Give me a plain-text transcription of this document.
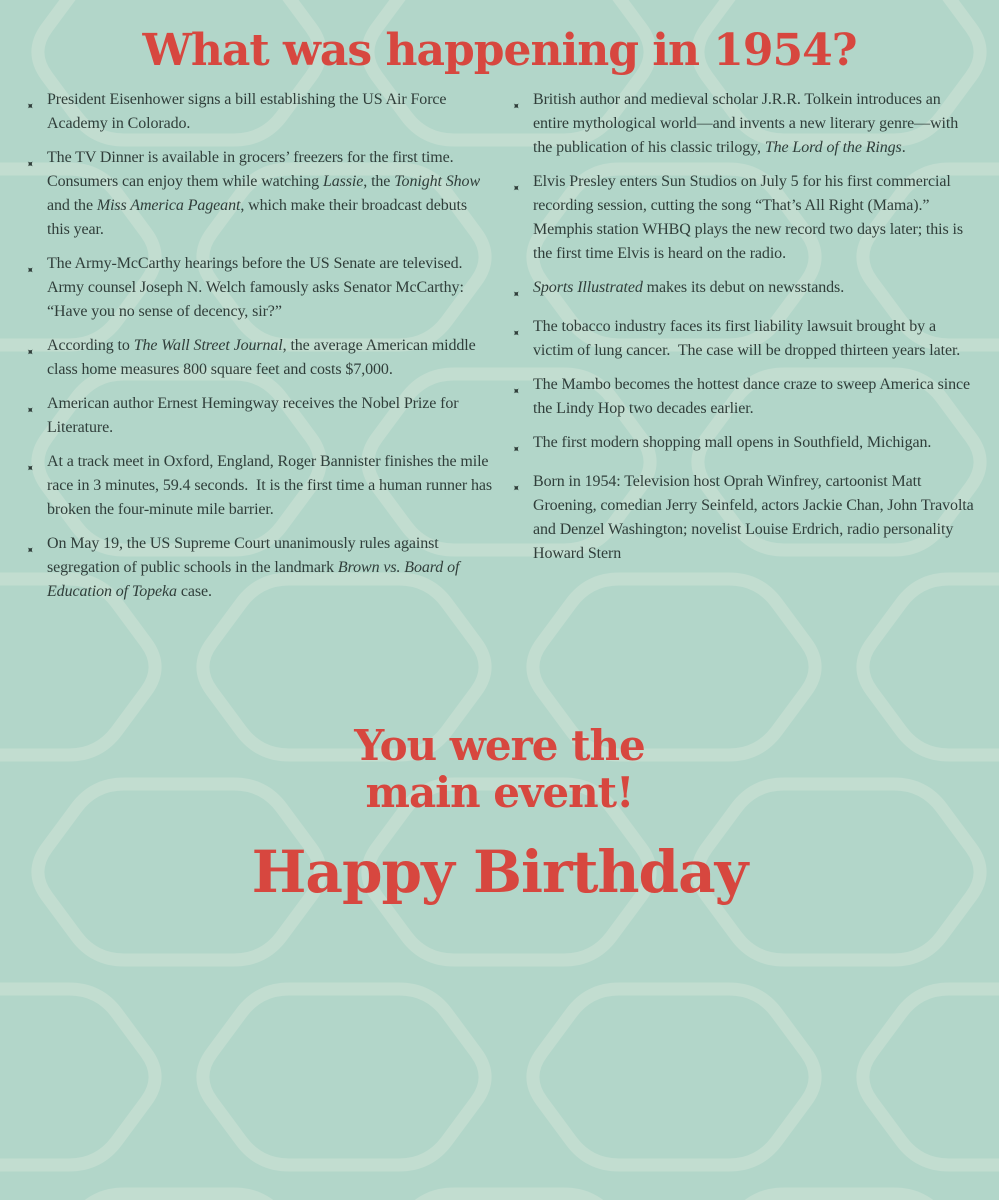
What was happening in 1954?
✦ President Eisenhower signs a bill establishing the US Air Force Academy in Colorado.
✦ The TV Dinner is available in grocers’ freezers for the first time. Consumers can enjoy them while watching Lassie, the Tonight Show and the Miss America Pageant, which make their broadcast debuts this year.
✦ The Army-McCarthy hearings before the US Senate are televised.  Army counsel Joseph N. Welch famously asks Senator McCarthy: “Have you no sense of decency, sir?”
✦ According to The Wall Street Journal, the average American middle class home measures 800 square feet and costs $7,000.
✦ American author Ernest Hemingway receives the Nobel Prize for Literature.
✦ At a track meet in Oxford, England, Roger Bannister finishes the mile race in 3 minutes, 59.4 seconds.  It is the first time a human runner has broken the four-minute mile barrier.
✦ On May 19, the US Supreme Court unanimously rules against segregation of public schools in the landmark Brown vs. Board of Education of Topeka case.
✦ British author and medieval scholar J.R.R. Tolkein introduces an entire mythological world—and invents a new literary genre—with the publication of his classic trilogy, The Lord of the Rings.
✦ Elvis Presley enters Sun Studios on July 5 for his first commercial recording session, cutting the song “That’s All Right (Mama).” Memphis station WHBQ plays the new record two days later; this is the first time Elvis is heard on the radio.
✦ Sports Illustrated makes its debut on newsstands.
✦ The tobacco industry faces its first liability lawsuit brought by a victim of lung cancer.  The case will be dropped thirteen years later.
✦ The Mambo becomes the hottest dance craze to sweep America since the Lindy Hop two decades earlier.
✦ The first modern shopping mall opens in Southfield, Michigan.
✦ Born in 1954: Television host Oprah Winfrey, cartoonist Matt Groening, comedian Jerry Seinfeld, actors Jackie Chan, John Travolta and Denzel Washington; novelist Louise Erdrich, radio personality Howard Stern
You were the
main event!
Happy Birthday
